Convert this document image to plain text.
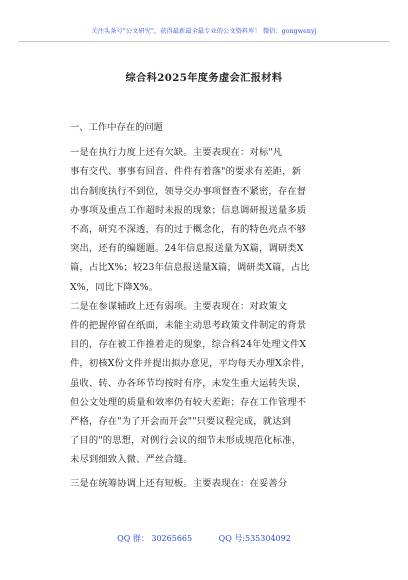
关注头条号"公文研究"，获得最新最全最专业的公文资料库！ 微信：gongwenyj
综合科2025年度务虚会汇报材料

一、工作中存在的问题

一是在执行力度上还有欠缺。主要表现在：对标"凡
事有交代、事事有回音、件件有着落"的要求有差距，新
出台制度执行不到位，领导交办事项督查不紧密，存在督
办事项及重点工作超时未报的现象；信息调研报送量多质
不高，研究不深透，有的过于概念化，有的特色亮点不够
突出，还有的编题题。24年信息报送量为X篇，调研类X
篇，占比X%；较23年信息报送量X篇，调研类X篇，占比
X%，同比下降X%。

二是在参谋辅政上还有弱项。主要表现在：对政策文
件的把握停留在纸面，未能主动思考政策文件制定的背景
目的，存在被工作推着走的现象，综合科24年处理文件X
件，初核X份文件并提出拟办意见，平均每天办理X余件，
虽收、转、办各环节均按时有序，未发生重大运转失误，
但公文处理的质量和效率仍有较大差距；存在工作管理不
严格，存在"为了开会而开会""只要议程完成，就达到
了目的"的思想，对例行会议的细节未形成规范化标准，
未尽到细致入微、严丝合缝。

三是在统筹协调上还有短板。主要表现在：在妥善分

QQ 群： 30265665	QQ 号:535304092
